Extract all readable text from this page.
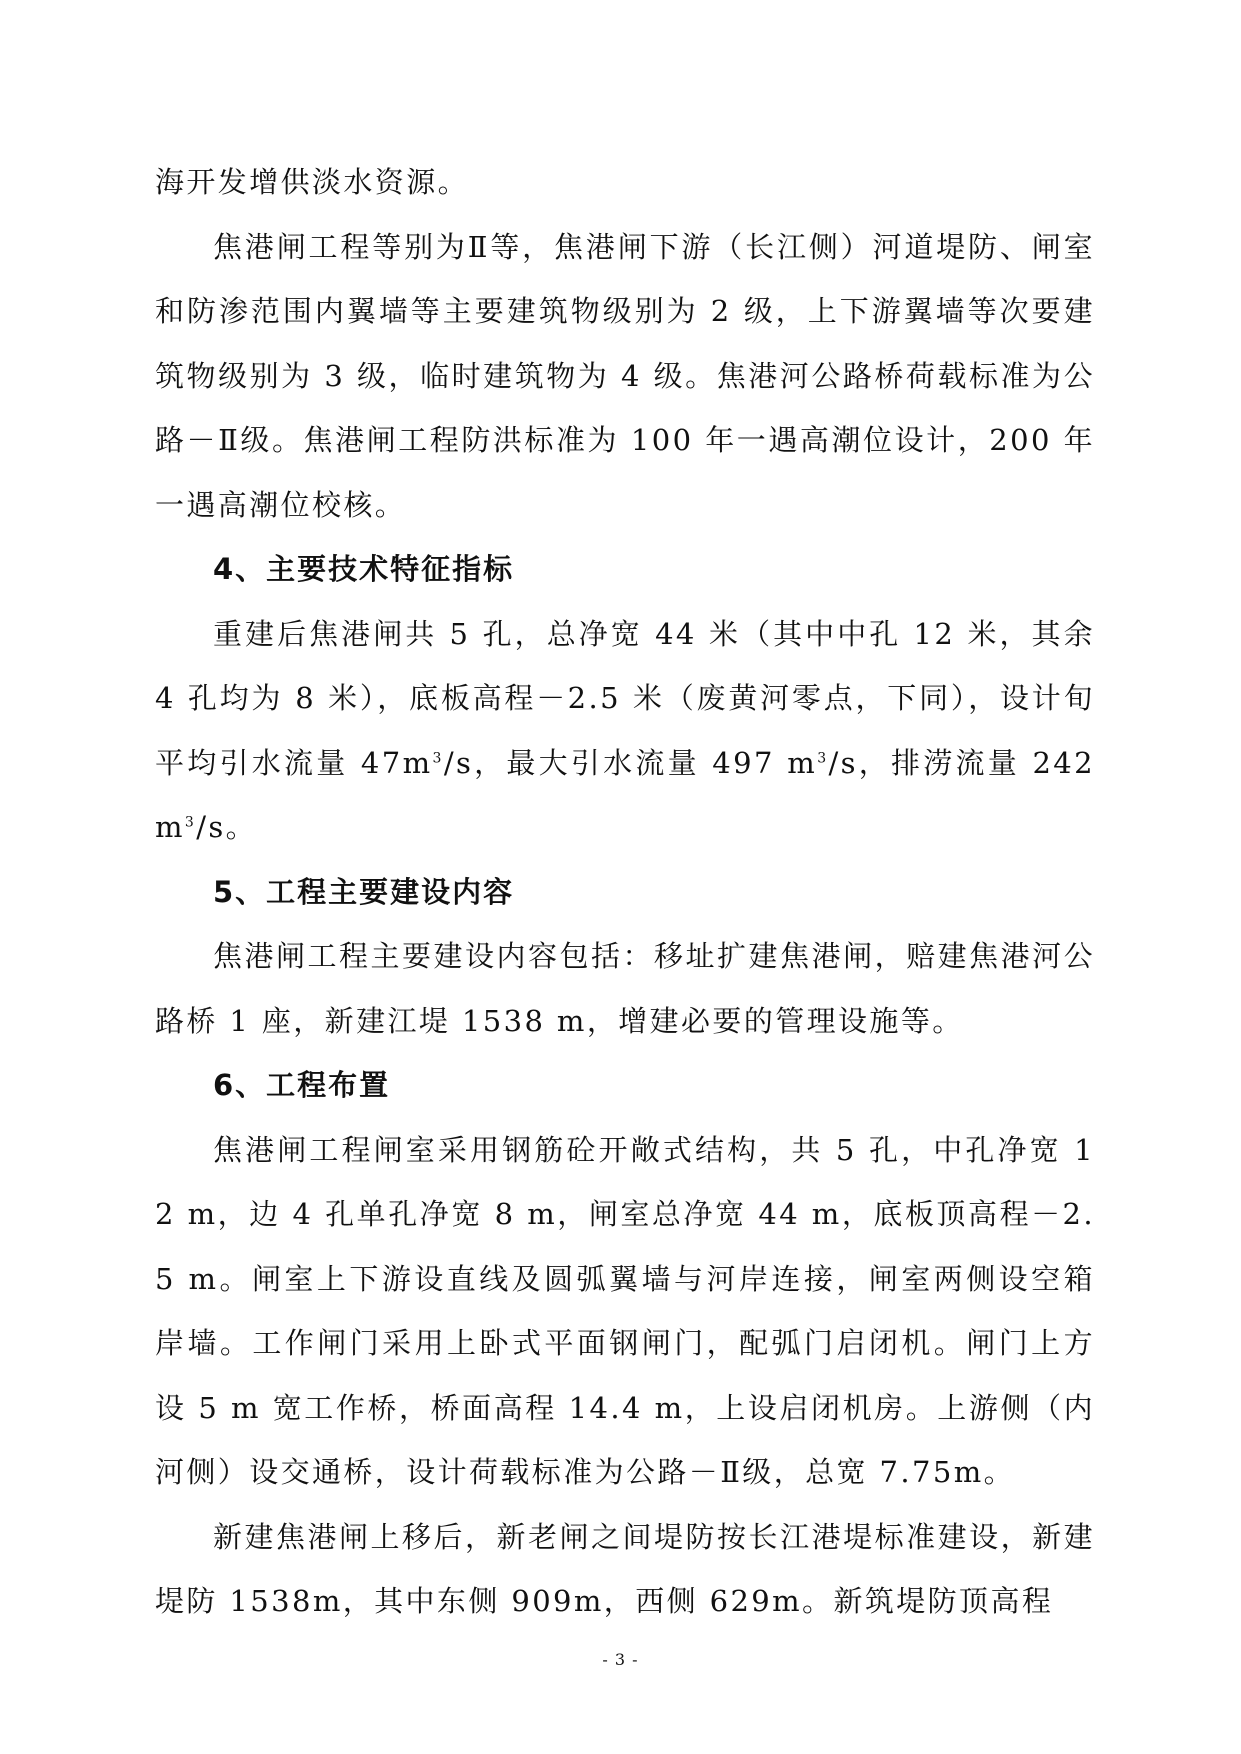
海开发增供淡水资源。

焦港闸工程等别为Ⅱ等，焦港闸下游（长江侧）河道堤防、闸室和防渗范围内翼墙等主要建筑物级别为 2 级，上下游翼墙等次要建筑物级别为 3 级，临时建筑物为 4 级。焦港河公路桥荷载标准为公路－Ⅱ级。焦港闸工程防洪标准为 100 年一遇高潮位设计，200 年一遇高潮位校核。

4、主要技术特征指标

重建后焦港闸共 5 孔，总净宽 44 米（其中中孔 12 米，其余 4 孔均为 8 米），底板高程－2.5 米（废黄河零点，下同），设计旬平均引水流量 $47m^3/s$，最大引水流量 497 $m^3/s$，排涝流量 242 $m^3/s$。

5、工程主要建设内容

焦港闸工程主要建设内容包括：移址扩建焦港闸，赔建焦港河公路桥 1 座，新建江堤 1538 m，增建必要的管理设施等。

6、工程布置

焦港闸工程闸室采用钢筋砼开敞式结构，共 5 孔，中孔净宽 12 m，边 4 孔单孔净宽 8 m，闸室总净宽 44 m，底板顶高程－2.5 m。闸室上下游设直线及圆弧翼墙与河岸连接，闸室两侧设空箱岸墙。工作闸门采用上卧式平面钢闸门，配弧门启闭机。闸门上方设 5 m 宽工作桥，桥面高程 14.4 m，上设启闭机房。上游侧（内河侧）设交通桥，设计荷载标准为公路－Ⅱ级，总宽 7.75m。

新建焦港闸上移后，新老闸之间堤防按长江港堤标准建设，新建堤防 1538m，其中东侧 909m，西侧 629m。新筑堤防顶高程

- 3 -
